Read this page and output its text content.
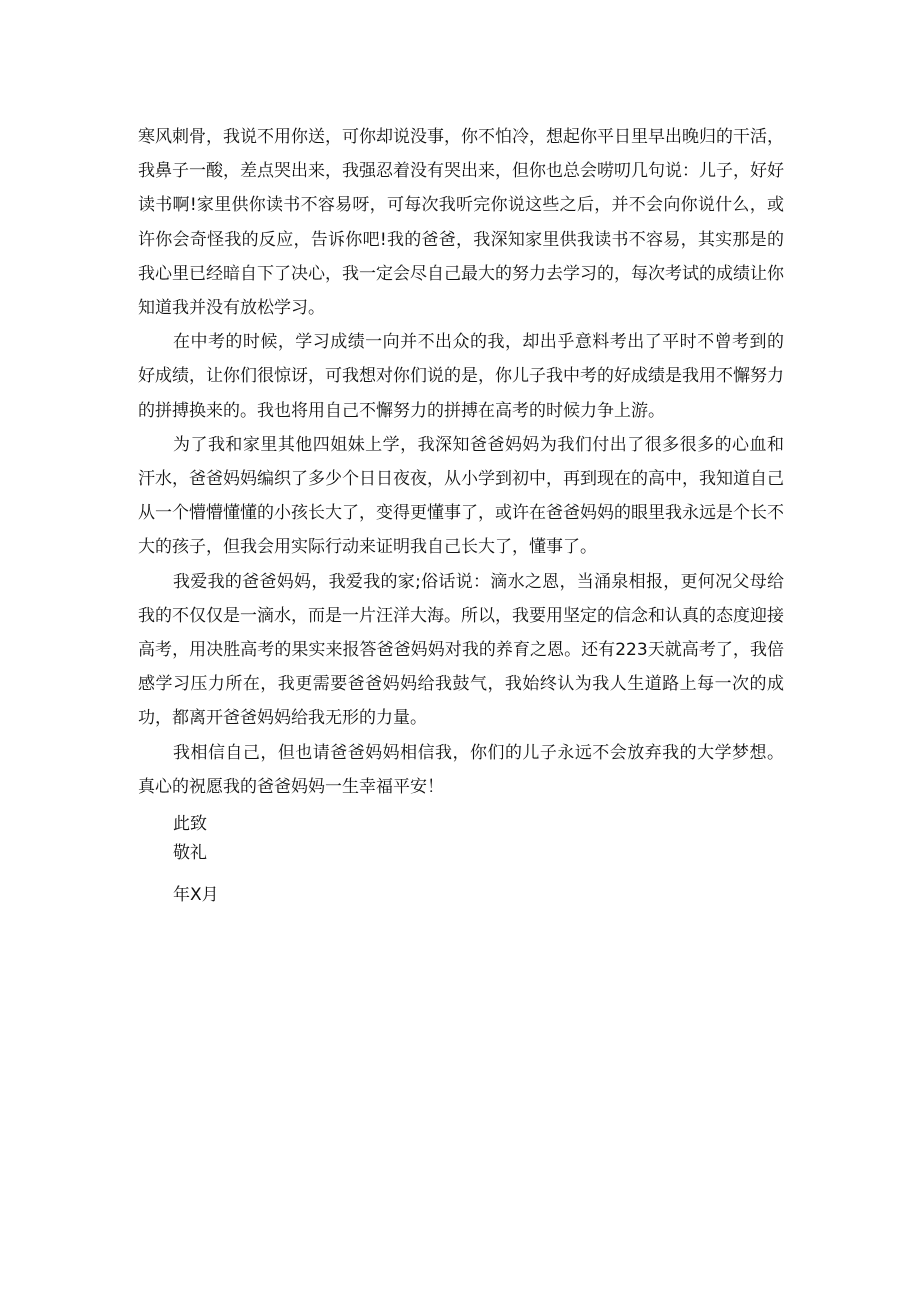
寒风刺骨，我说不用你送，可你却说没事，你不怕冷，想起你平日里早出晚归的干活，我鼻子一酸，差点哭出来，我强忍着没有哭出来，但你也总会唠叨几句说：儿子，好好读书啊!家里供你读书不容易呀，可每次我听完你说这些之后，并不会向你说什么，或许你会奇怪我的反应，告诉你吧!我的爸爸，我深知家里供我读书不容易，其实那是的我心里已经暗自下了决心，我一定会尽自己最大的努力去学习的，每次考试的成绩让你知道我并没有放松学习。

在中考的时候，学习成绩一向并不出众的我，却出乎意料考出了平时不曾考到的好成绩，让你们很惊讶，可我想对你们说的是，你儿子我中考的好成绩是我用不懈努力的拼搏换来的。我也将用自己不懈努力的拼搏在高考的时候力争上游。

为了我和家里其他四姐妹上学，我深知爸爸妈妈为我们付出了很多很多的心血和汗水，爸爸妈妈编织了多少个日日夜夜，从小学到初中，再到现在的高中，我知道自己从一个懵懵懂懂的小孩长大了，变得更懂事了，或许在爸爸妈妈的眼里我永远是个长不大的孩子，但我会用实际行动来证明我自己长大了，懂事了。

我爱我的爸爸妈妈，我爱我的家;俗话说：滴水之恩，当涌泉相报，更何况父母给我的不仅仅是一滴水，而是一片汪洋大海。所以，我要用坚定的信念和认真的态度迎接高考，用决胜高考的果实来报答爸爸妈妈对我的养育之恩。还有223天就高考了，我倍感学习压力所在，我更需要爸爸妈妈给我鼓气，我始终认为我人生道路上每一次的成功，都离开爸爸妈妈给我无形的力量。

我相信自己，但也请爸爸妈妈相信我，你们的儿子永远不会放弃我的大学梦想。真心的祝愿我的爸爸妈妈一生幸福平安！

此致

敬礼

年X月
